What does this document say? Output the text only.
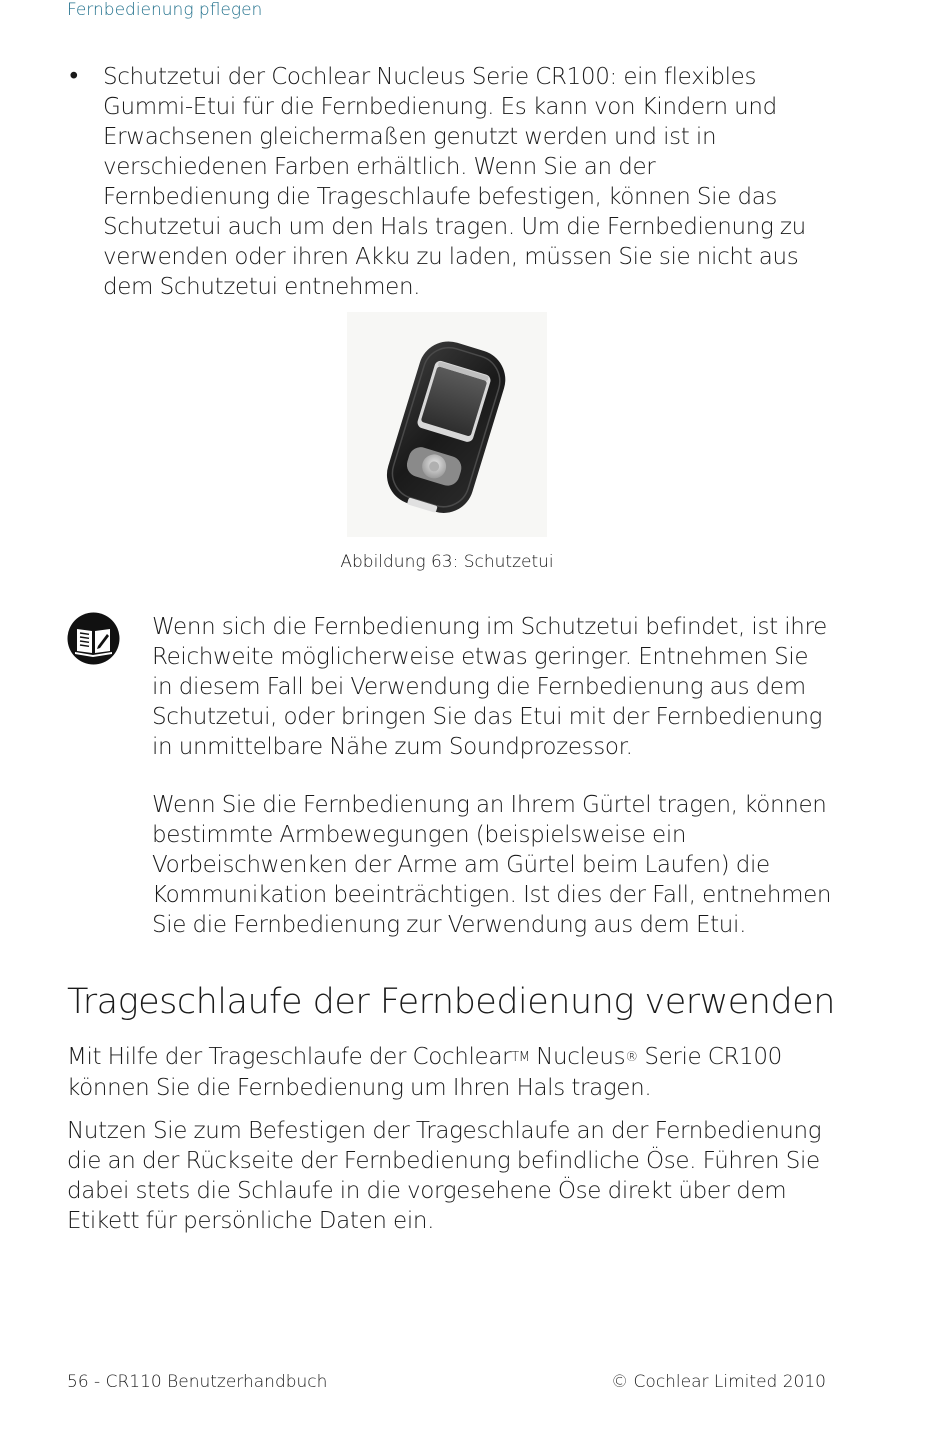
Fernbedienung pflegen
• Schutzetui der Cochlear Nucleus Serie CR100: ein flexibles Gummi-Etui für die Fernbedienung. Es kann von Kindern und Erwachsenen gleichermaßen genutzt werden und ist in verschiedenen Farben erhältlich. Wenn Sie an der Fernbedienung die Trageschlaufe befestigen, können Sie das Schutzetui auch um den Hals tragen. Um die Fernbedienung zu verwenden oder ihren Akku zu laden, müssen Sie sie nicht aus dem Schutzetui entnehmen.
Abbildung 63: Schutzetui

Wenn sich die Fernbedienung im Schutzetui befindet, ist ihre Reichweite möglicherweise etwas geringer. Entnehmen Sie in diesem Fall bei Verwendung die Fernbedienung aus dem Schutzetui, oder bringen Sie das Etui mit der Fernbedienung in unmittelbare Nähe zum Soundprozessor.

Wenn Sie die Fernbedienung an Ihrem Gürtel tragen, können bestimmte Armbewegungen (beispielsweise ein Vorbeischwenken der Arme am Gürtel beim Laufen) die Kommunikation beeinträchtigen. Ist dies der Fall, entnehmen Sie die Fernbedienung zur Verwendung aus dem Etui.

Trageschlaufe der Fernbedienung verwenden

Mit Hilfe der Trageschlaufe der Cochlear™ Nucleus® Serie CR100 können Sie die Fernbedienung um Ihren Hals tragen.

Nutzen Sie zum Befestigen der Trageschlaufe an der Fernbedienung die an der Rückseite der Fernbedienung befindliche Öse. Führen Sie dabei stets die Schlaufe in die vorgesehene Öse direkt über dem Etikett für persönliche Daten ein.

56 - CR110 Benutzerhandbuch	© Cochlear Limited 2010
